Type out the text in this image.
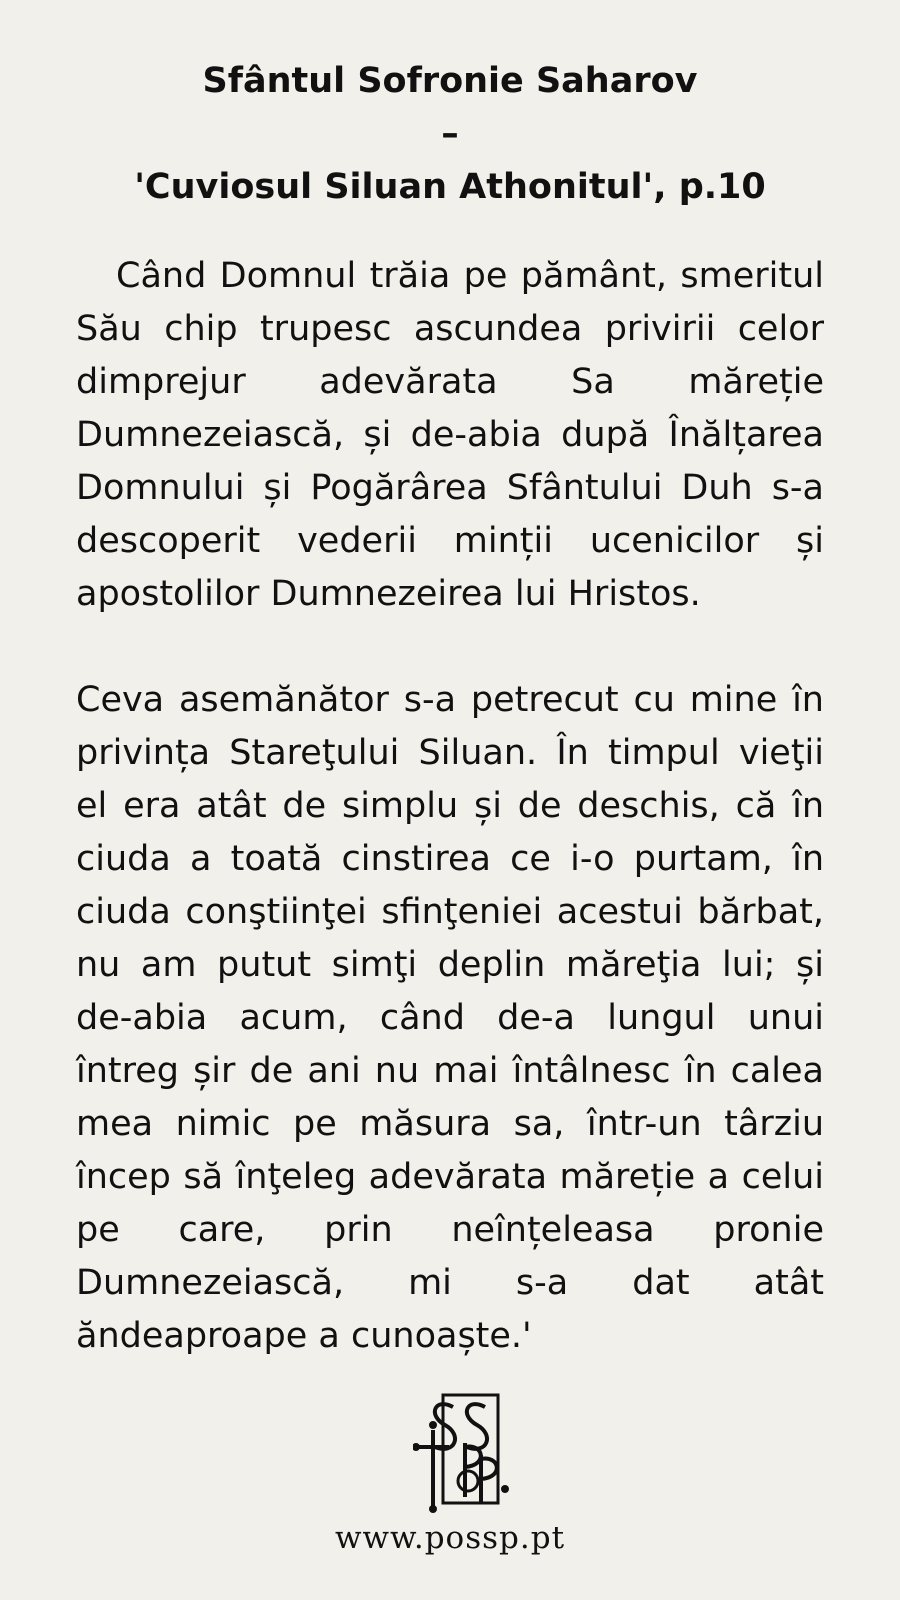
Sfântul Sofronie Saharov
–
'Cuviosul Siluan Athonitul', p.10

Când Domnul trăia pe pământ, smeritul Său chip trupesc ascundea privirii celor dimprejur adevărata Sa măreție Dumnezeiască, și de-abia după Înălțarea Domnului și Pogărârea Sfântului Duh s-a descoperit vederii minții ucenicilor și apostolilor Dumnezeirea lui Hristos.

Ceva asemănător s-a petrecut cu mine în privința Stareţului Siluan. În timpul vieţii el era atât de simplu și de deschis, că în ciuda a toată cinstirea ce i-o purtam, în ciuda conştiinţei sfinţeniei acestui bărbat, nu am putut simţi deplin măreţia lui; și de-abia acum, când de-a lungul unui întreg șir de ani nu mai întâlnesc în calea mea nimic pe măsura sa, într-un târziu încep să înţeleg adevărata măreție a celui pe care, prin neînțeleasa pronie Dumnezeiască, mi s-a dat atât ăndeaproape a cunoaște.'

www.possp.pt
